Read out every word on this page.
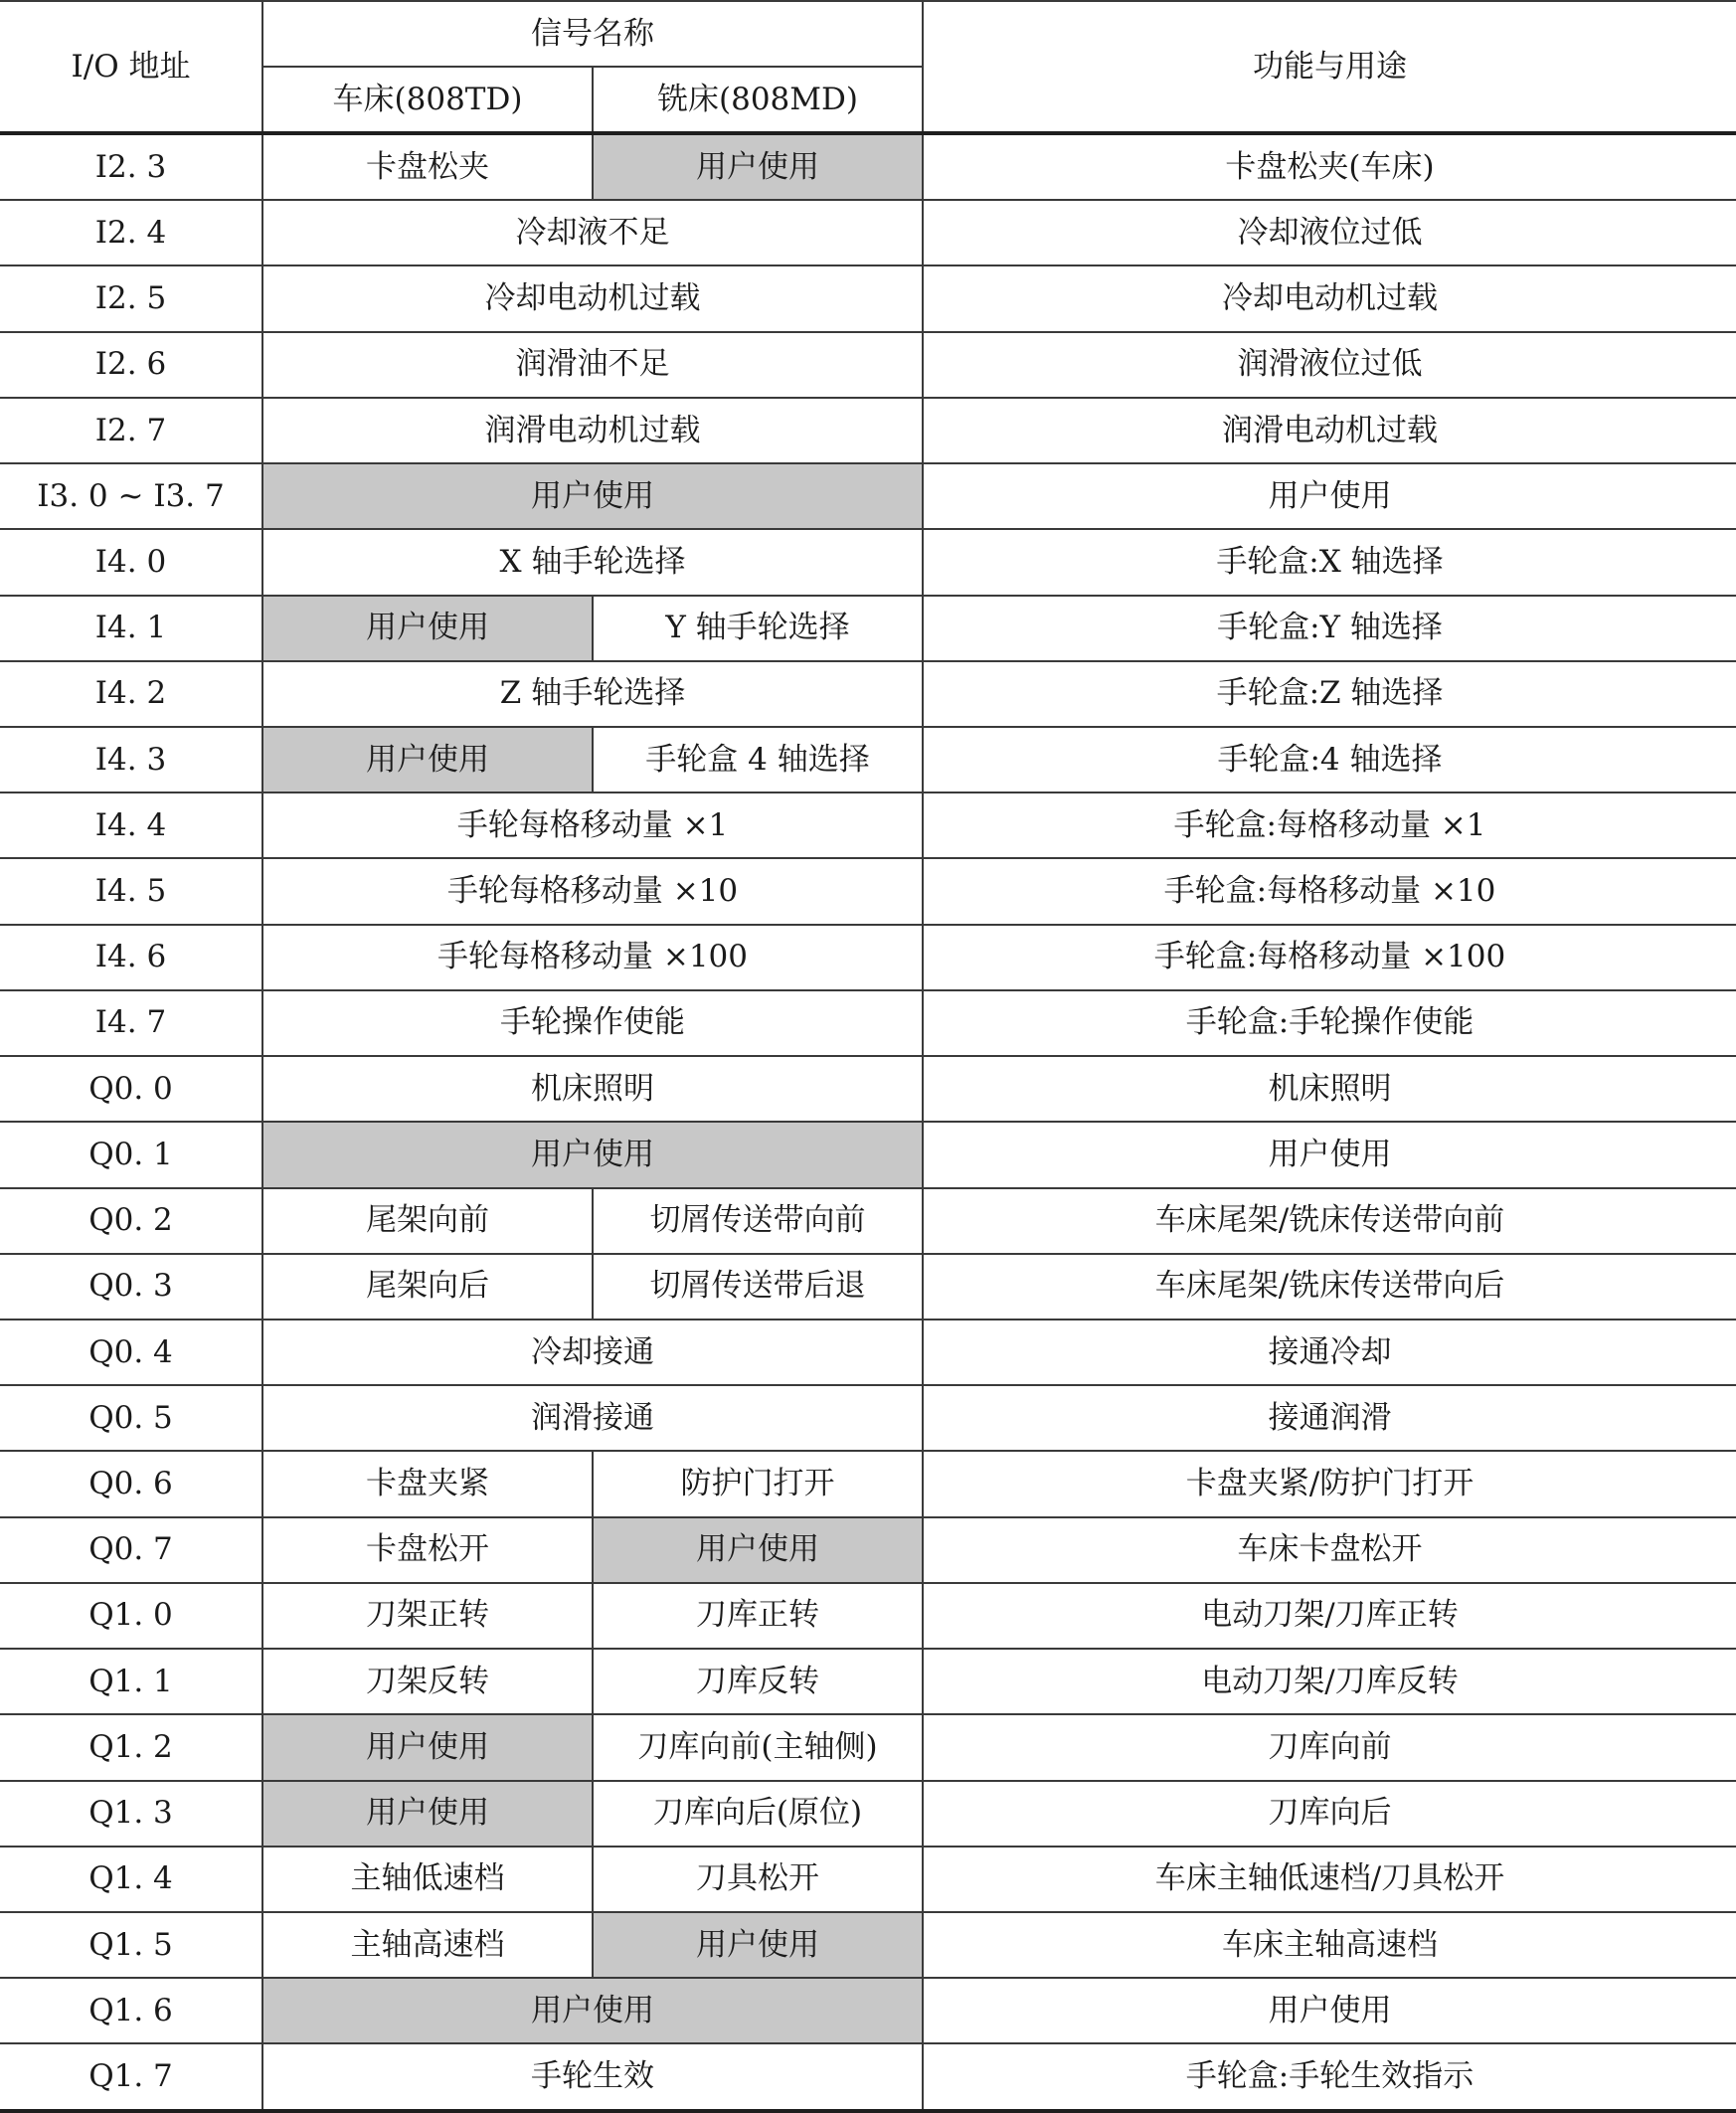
I/O 地址	信号名称		功能与用途
	车床(808TD)	铣床(808MD)	
I2. 3	卡盘松夹	用户使用	卡盘松夹(车床)
I2. 4	冷却液不足		冷却液位过低
I2. 5	冷却电动机过载		冷却电动机过载
I2. 6	润滑油不足		润滑液位过低
I2. 7	润滑电动机过载		润滑电动机过载
I3. 0 ~ I3. 7	用户使用		用户使用
I4. 0	X 轴手轮选择		手轮盒:X 轴选择
I4. 1	用户使用	Y 轴手轮选择	手轮盒:Y 轴选择
I4. 2	Z 轴手轮选择		手轮盒:Z 轴选择
I4. 3	用户使用	手轮盒 4 轴选择	手轮盒:4 轴选择
I4. 4	手轮每格移动量 ×1		手轮盒:每格移动量 ×1
I4. 5	手轮每格移动量 ×10		手轮盒:每格移动量 ×10
I4. 6	手轮每格移动量 ×100		手轮盒:每格移动量 ×100
I4. 7	手轮操作使能		手轮盒:手轮操作使能
Q0. 0	机床照明		机床照明
Q0. 1	用户使用		用户使用
Q0. 2	尾架向前	切屑传送带向前	车床尾架/铣床传送带向前
Q0. 3	尾架向后	切屑传送带后退	车床尾架/铣床传送带向后
Q0. 4	冷却接通		接通冷却
Q0. 5	润滑接通		接通润滑
Q0. 6	卡盘夹紧	防护门打开	卡盘夹紧/防护门打开
Q0. 7	卡盘松开	用户使用	车床卡盘松开
Q1. 0	刀架正转	刀库正转	电动刀架/刀库正转
Q1. 1	刀架反转	刀库反转	电动刀架/刀库反转
Q1. 2	用户使用	刀库向前(主轴侧)	刀库向前
Q1. 3	用户使用	刀库向后(原位)	刀库向后
Q1. 4	主轴低速档	刀具松开	车床主轴低速档/刀具松开
Q1. 5	主轴高速档	用户使用	车床主轴高速档
Q1. 6	用户使用		用户使用
Q1. 7	手轮生效		手轮盒:手轮生效指示
